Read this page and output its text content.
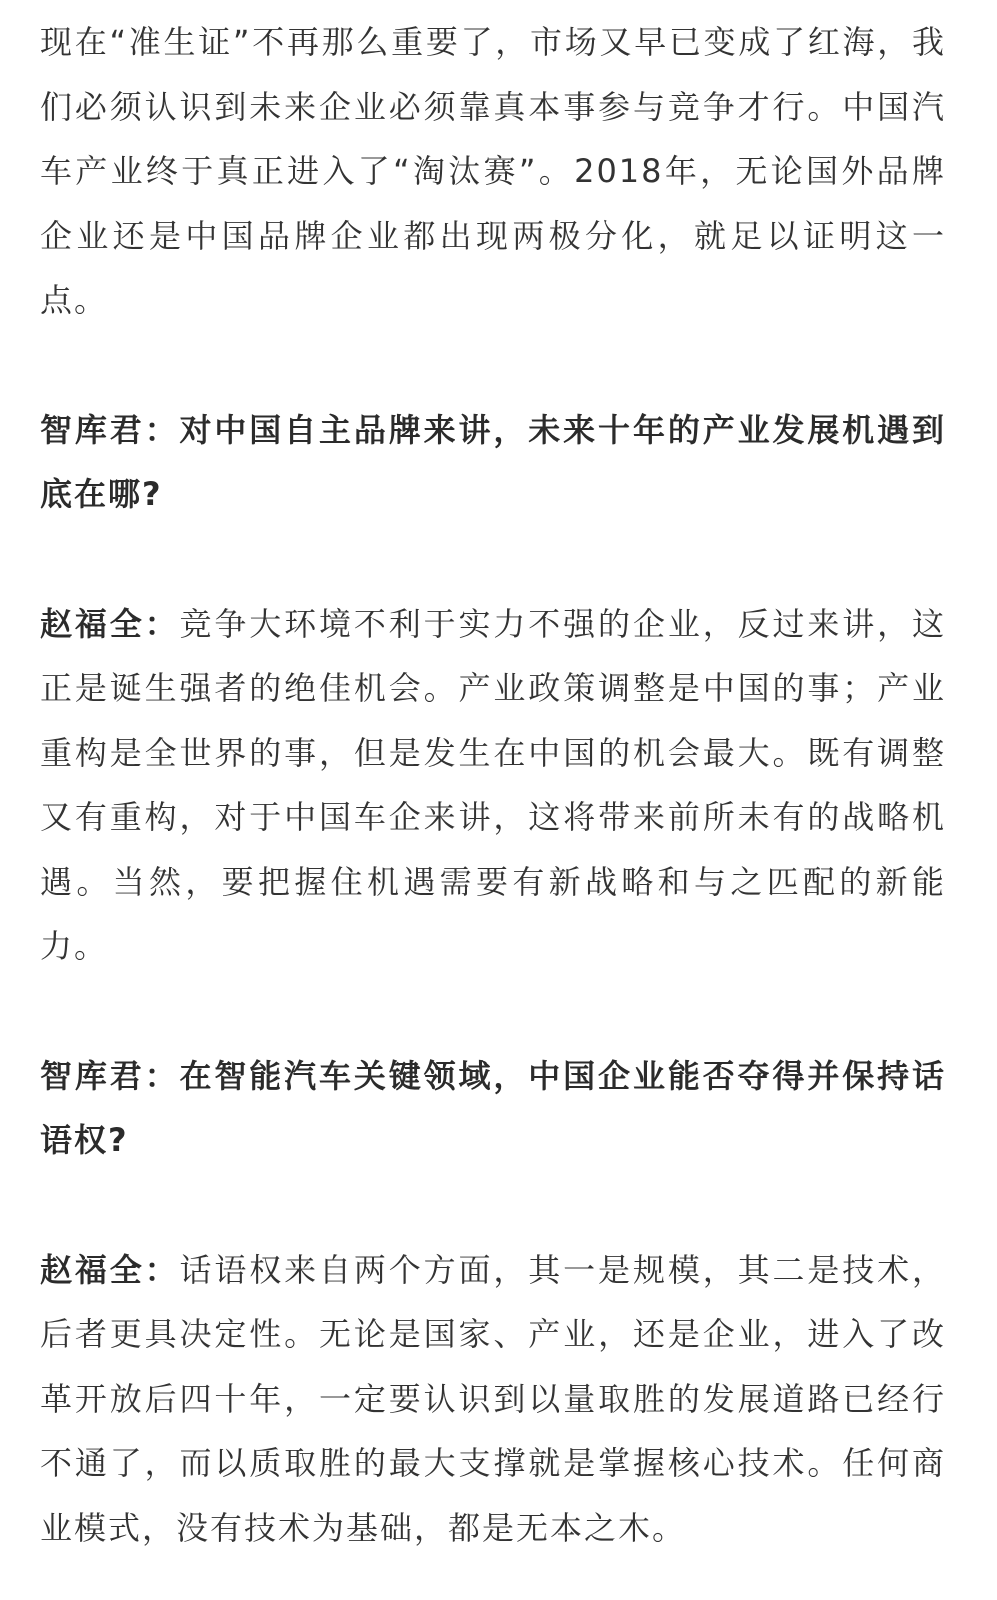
现在“准生证”不再那么重要了，市场又早已变成了红海，我们必须认识到未来企业必须靠真本事参与竞争才行。中国汽车产业终于真正进入了“淘汰赛”。2018年，无论国外品牌企业还是中国品牌企业都出现两极分化，就足以证明这一点。

智库君：对中国自主品牌来讲，未来十年的产业发展机遇到底在哪?

赵福全：竞争大环境不利于实力不强的企业，反过来讲，这正是诞生强者的绝佳机会。产业政策调整是中国的事；产业重构是全世界的事，但是发生在中国的机会最大。既有调整又有重构，对于中国车企来讲，这将带来前所未有的战略机遇。当然，要把握住机遇需要有新战略和与之匹配的新能力。

智库君：在智能汽车关键领域，中国企业能否夺得并保持话语权?

赵福全：话语权来自两个方面，其一是规模，其二是技术，后者更具决定性。无论是国家、产业，还是企业，进入了改革开放后四十年，一定要认识到以量取胜的发展道路已经行不通了，而以质取胜的最大支撑就是掌握核心技术。任何商业模式，没有技术为基础，都是无本之木。
